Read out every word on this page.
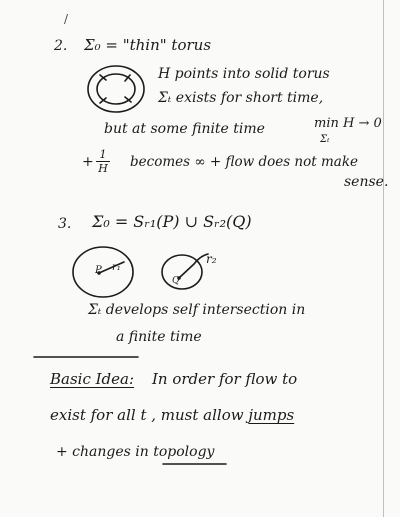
/
2. Σ₀ = "thin" torus
H points into solid torus
Σₜ exists for short time,
but at some finite time	min H → 0
Σₜ
+ 1
H becomes ∞ + flow does not make
sense.
3. Σ₀ = Sᵣ₁(P) ∪ Sᵣ₂(Q)
P r₁
Q
r₂
Σₜ develops self intersection in
a finite time
Basic Idea: In order for flow to
exist for all t , must allow jumps
+ changes in topology
